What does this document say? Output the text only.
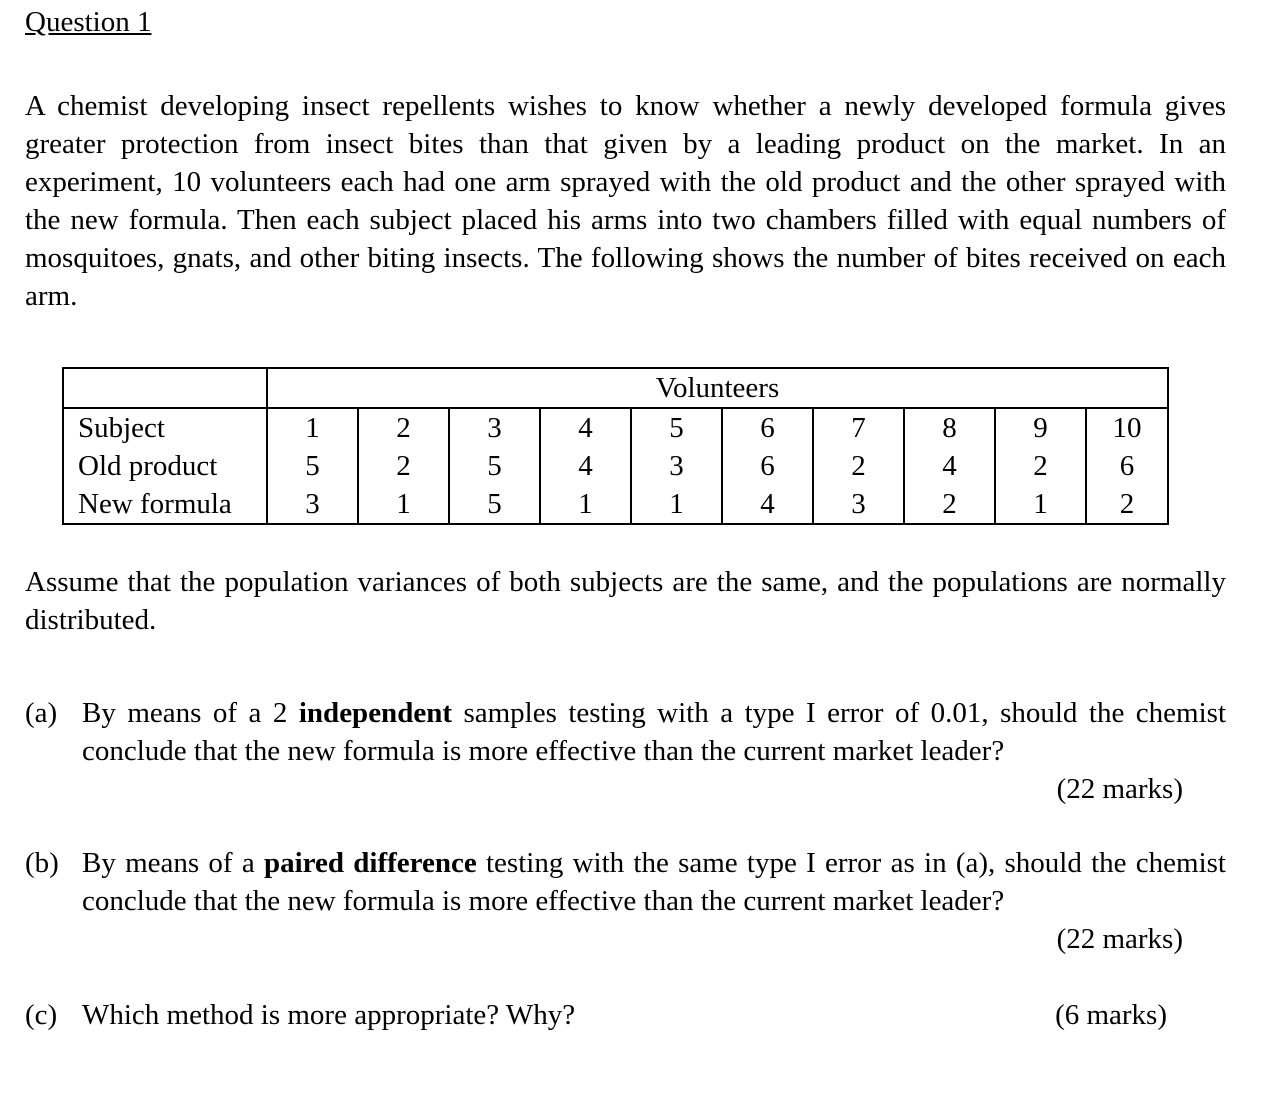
Question 1

A chemist developing insect repellents wishes to know whether a newly developed formula gives greater protection from insect bites than that given by a leading product on the market. In an experiment, 10 volunteers each had one arm sprayed with the old product and the other sprayed with the new formula. Then each subject placed his arms into two chambers filled with equal numbers of mosquitoes, gnats, and other biting insects. The following shows the number of bites received on each arm.

	Volunteers									
Subject	1	2	3	4	5	6	7	8	9	10
Old product	5	2	5	4	3	6	2	4	2	6
New formula	3	1	5	1	1	4	3	2	1	2

Assume that the population variances of both subjects are the same, and the populations are normally distributed.

(a) By means of a 2 independent samples testing with a type I error of 0.01, should the chemist conclude that the new formula is more effective than the current market leader?
(22 marks)
(b) By means of a paired difference testing with the same type I error as in (a), should the chemist conclude that the new formula is more effective than the current market leader?
(22 marks)
(c) Which method is more appropriate? Why?	(6 marks)
